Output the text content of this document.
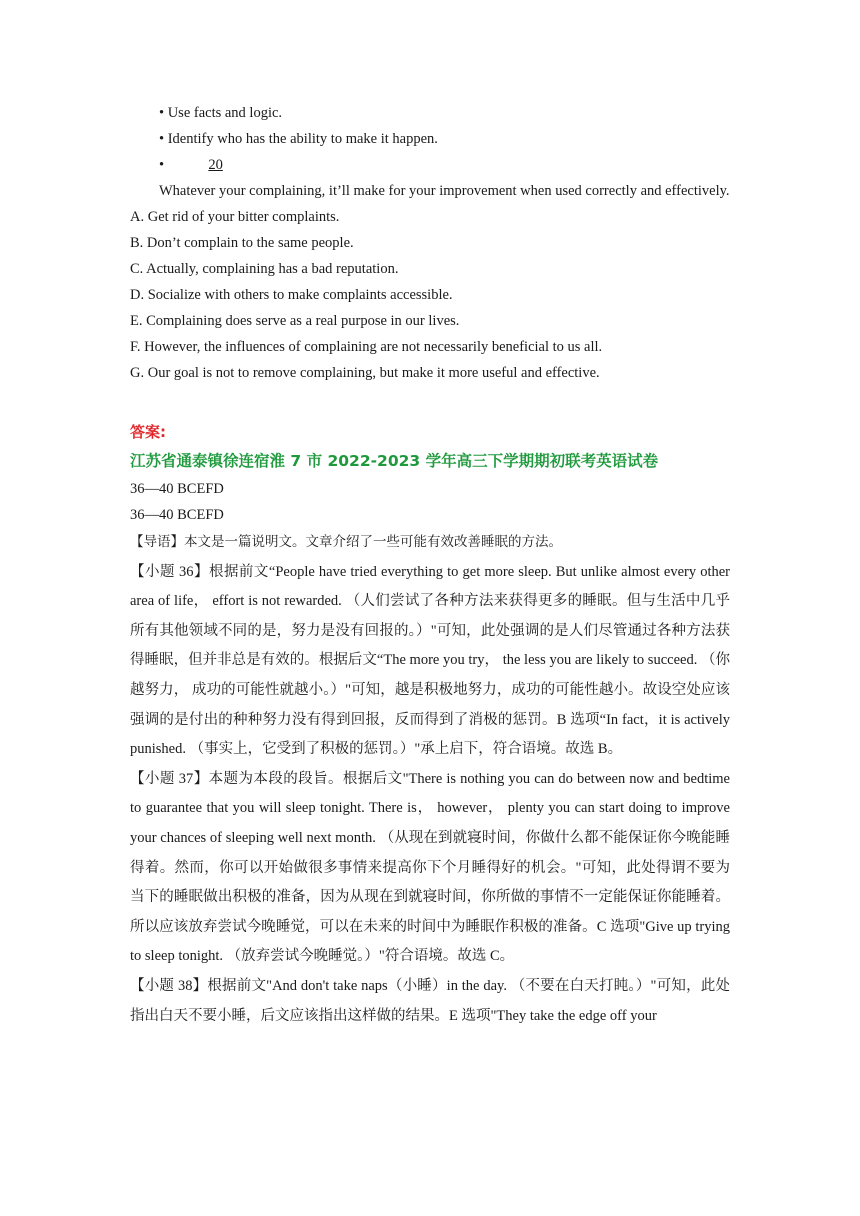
• Use facts and logic.

• Identify who has the ability to make it happen.

•	20

Whatever your complaining, it’ll make for your improvement when used correctly and effectively.

A. Get rid of your bitter complaints.

B. Don’t complain to the same people.

C. Actually, complaining has a bad reputation.

D. Socialize with others to make complaints accessible.

E. Complaining does serve as a real purpose in our lives.

F. However, the influences of complaining are not necessarily beneficial to us all.

G. Our goal is not to remove complaining, but make it more useful and effective.

答案:

江苏省通泰镇徐连宿淮 7 市 2022-2023 学年高三下学期期初联考英语试卷

36—40 BCEFD

36—40 BCEFD

【导语】本文是一篇说明文。文章介绍了一些可能有效改善睡眠的方法。

【小题 36】根据前文“People have tried everything to get more sleep. But unlike almost every other area of life， effort is not rewarded. （人们尝试了各种方法来获得更多的睡眠。但与生活中几乎所有其他领域不同的是，努力是没有回报的。）"可知，此处强调的是人们尽管通过各种方法获得睡眠，但并非总是有效的。根据后文“The more you try， the less you are likely to succeed. （你越努力， 成功的可能性就越小。）"可知，越是积极地努力，成功的可能性越小。故设空处应该强调的是付出的种种努力没有得到回报，反而得到了消极的惩罚。B 选项“In fact，it is actively punished. （事实上，它受到了积极的惩罚。）"承上启下，符合语境。故选 B。

【小题 37】本题为本段的段旨。根据后文"There is nothing you can do between now and bedtime to guarantee that you will sleep tonight. There is， however， plenty you can start doing to improve your chances of sleeping well next month. （从现在到就寝时间，你做什么都不能保证你今晚能睡得着。然而，你可以开始做很多事情来提高你下个月睡得好的机会。"可知，此处得谓不要为当下的睡眠做出积极的准备，因为从现在到就寝时间，你所做的事情不一定能保证你能睡着。所以应该放弃尝试今晚睡觉，可以在未来的时间中为睡眠作积极的准备。C 选项"Give up trying to sleep tonight. （放弃尝试今晚睡觉。）"符合语境。故选 C。

【小题 38】根据前文"And don't take naps（小睡）in the day. （不要在白天打盹。）"可知，此处指出白天不要小睡，后文应该指出这样做的结果。E 选项"They take the edge off your
